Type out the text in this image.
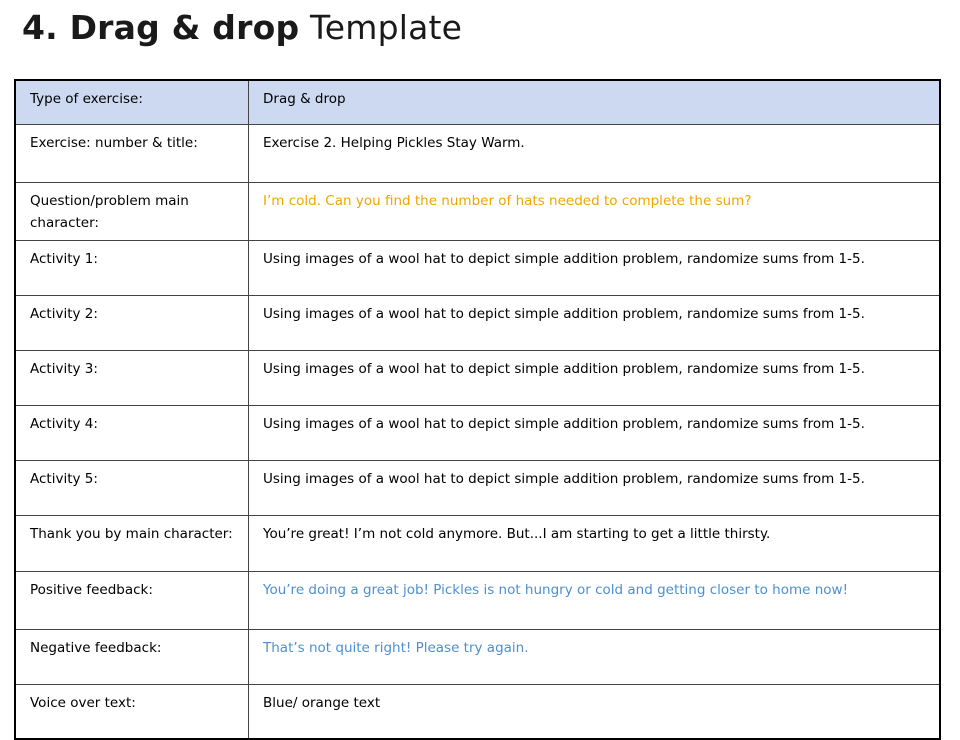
4. Drag & drop Template
Type of exercise:	Drag & drop
Exercise: number & title:	Exercise 2. Helping Pickles Stay Warm.
Question/problem main character:	I’m cold. Can you find the number of hats needed to complete the sum?
Activity 1:	Using images of a wool hat to depict simple addition problem, randomize sums from 1-5.
Activity 2:	Using images of a wool hat to depict simple addition problem, randomize sums from 1-5.
Activity 3:	Using images of a wool hat to depict simple addition problem, randomize sums from 1-5.
Activity 4:	Using images of a wool hat to depict simple addition problem, randomize sums from 1-5.
Activity 5:	Using images of a wool hat to depict simple addition problem, randomize sums from 1-5.
Thank you by main character:	You’re great! I’m not cold anymore. But...I am starting to get a little thirsty.
Positive feedback:	You’re doing a great job! Pickles is not hungry or cold and getting closer to home now!
Negative feedback:	That’s not quite right! Please try again.
Voice over text:	Blue/ orange text
